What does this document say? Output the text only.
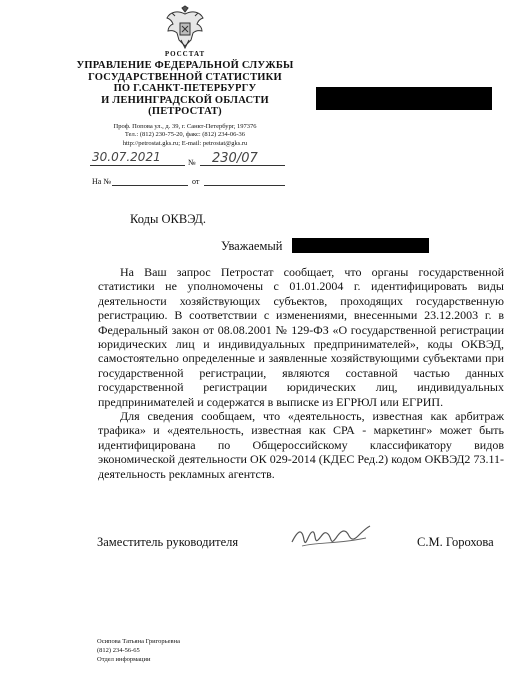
РОССТАТ
УПРАВЛЕНИЕ ФЕДЕРАЛЬНОЙ СЛУЖБЫ
ГОСУДАРСТВЕННОЙ СТАТИСТИКИ
ПО Г.САНКТ-ПЕТЕРБУРГУ
И ЛЕНИНГРАДСКОЙ ОБЛАСТИ
(ПЕТРОСТАТ)
Проф. Попова ул., д. 39, г. Санкт-Петербург, 197376
Тел.: (812) 230-75-20, факс: (812) 234-06-36
http://petrostat.gks.ru; E-mail: petrostat@gks.ru
30.07.2021	№ 230/07
На №	от
Коды ОКВЭД.
Уважаемый

На Ваш запрос Петростат сообщает, что органы государственной статистики не уполномочены с 01.01.2004 г. идентифицировать виды деятельности хозяйствующих субъектов, проходящих государственную регистрацию. В соответствии с изменениями, внесенными 23.12.2003 г. в Федеральный закон от 08.08.2001 № 129-ФЗ «О государственной регистрации юридических лиц и индивидуальных предпринимателей», коды ОКВЭД, самостоятельно определенные и заявленные хозяйствующими субъектами при государственной регистрации, являются составной частью данных государственной регистрации юридических лиц, индивидуальных предпринимателей и содержатся в выписке из ЕГРЮЛ или ЕГРИП.

Для сведения сообщаем, что «деятельность, известная как арбитраж трафика» и «деятельность, известная как СРА - маркетинг» может быть идентифицирована по Общероссийскому классификатору видов экономической деятельности ОК 029-2014 (КДЕС Ред.2) кодом ОКВЭД2 73.11- деятельность рекламных агентств.

Заместитель руководителя	С.М. Горохова
Осипова Татьяна Григорьевна
(812) 234-56-65
Отдел информации
